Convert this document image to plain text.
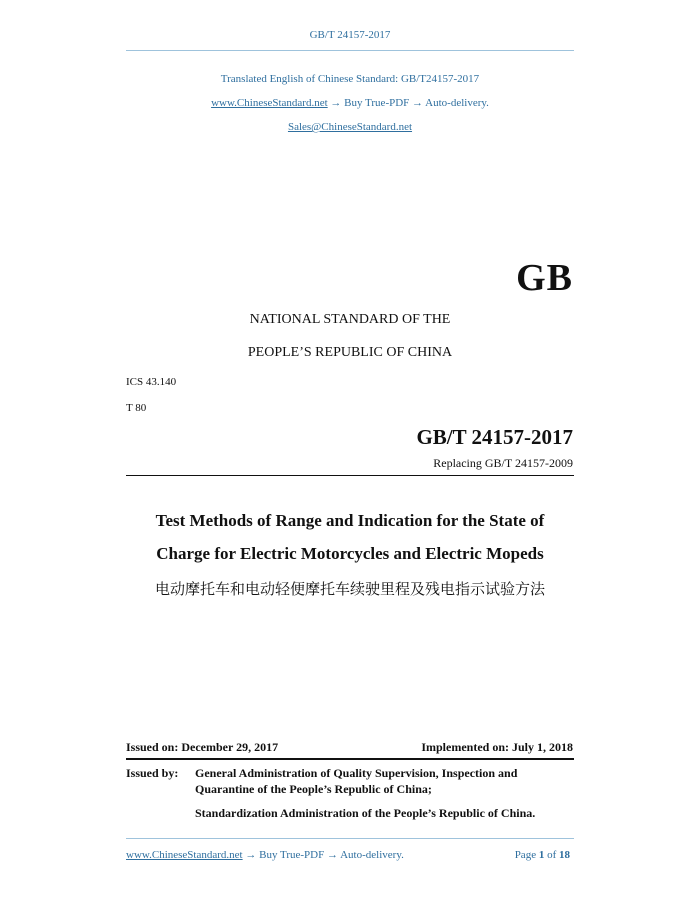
GB/T 24157-2017
Translated English of Chinese Standard: GB/T24157-2017
www.ChineseStandard.net → Buy True-PDF → Auto-delivery.
Sales@ChineseStandard.net
GB
NATIONAL STANDARD OF THE
PEOPLE’S REPUBLIC OF CHINA
ICS 43.140
T 80
GB/T 24157-2017
Replacing GB/T 24157-2009
Test Methods of Range and Indication for the State of
Charge for Electric Motorcycles and Electric Mopeds
电动摩托车和电动轻便摩托车续驶里程及残电指示试验方法
Issued on: December 29, 2017	Implemented on: July 1, 2018
Issued by: General Administration of Quality Supervision, Inspection and
Quarantine of the People’s Republic of China;
Standardization Administration of the People’s Republic of China.
www.ChineseStandard.net → Buy True-PDF → Auto-delivery.	Page 1 of 18
